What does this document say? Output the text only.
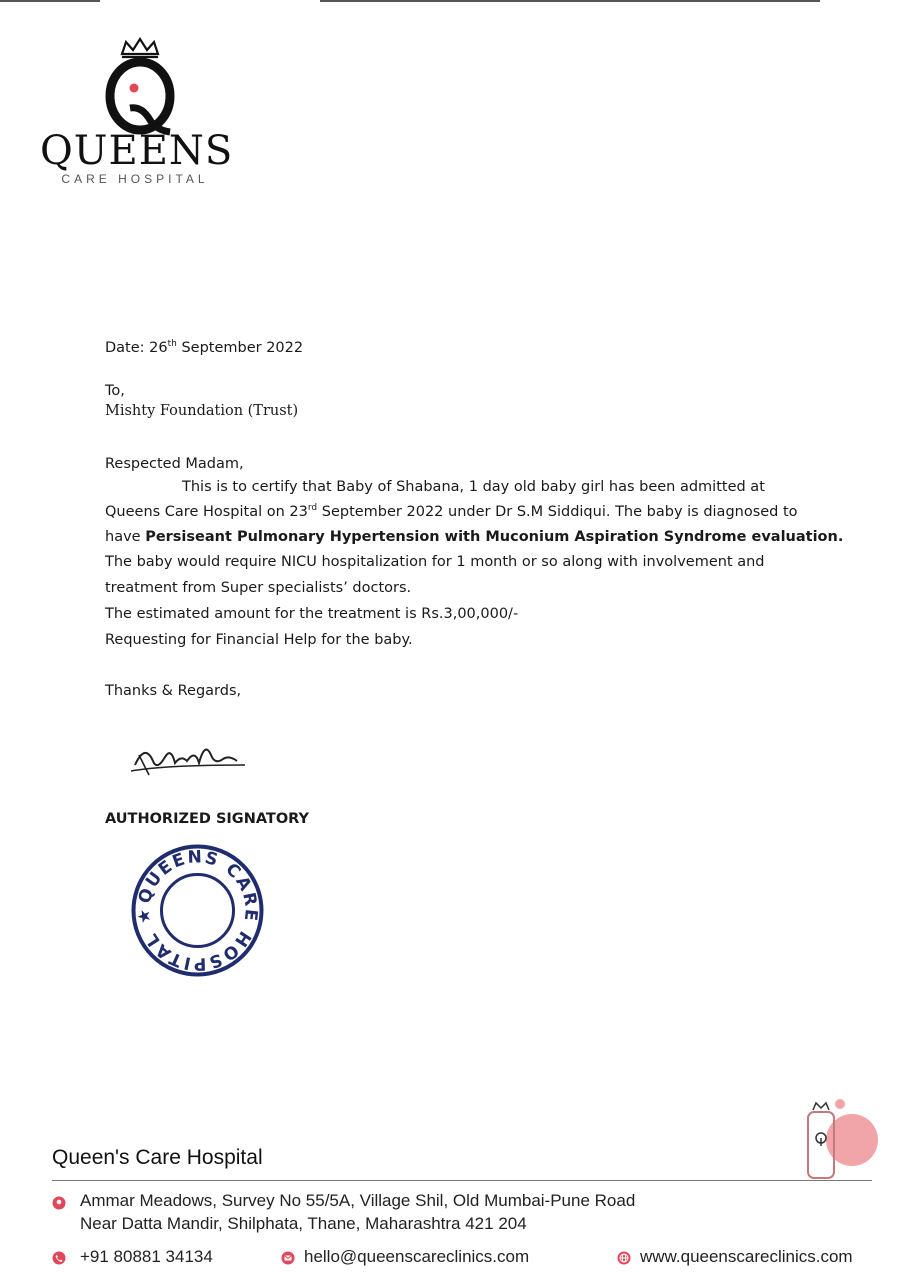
QUEENS
CARE HOSPITAL
Date: 26th September 2022
To,
Mishty Foundation (Trust)
Respected Madam,
This is to certify that Baby of Shabana, 1 day old baby girl has been admitted at
Queens Care Hospital on 23rd September 2022 under Dr S.M Siddiqui. The baby is diagnosed to
have Persiseant Pulmonary Hypertension with Muconium Aspiration Syndrome evaluation.
The baby would require NICU hospitalization for 1 month or so along with involvement and
treatment from Super specialists’ doctors.
The estimated amount for the treatment is Rs.3,00,000/-
Requesting for Financial Help for the baby.
Thanks & Regards,
AUTHORIZED SIGNATORY
QUEENS CARE HOSPITAL ★
Queen's Care Hospital
Ammar Meadows, Survey No 55/5A, Village Shil, Old Mumbai-Pune Road
Near Datta Mandir, Shilphata, Thane, Maharashtra 421 204
+91 80881 34134	hello@queenscareclinics.com	www.queenscareclinics.com
